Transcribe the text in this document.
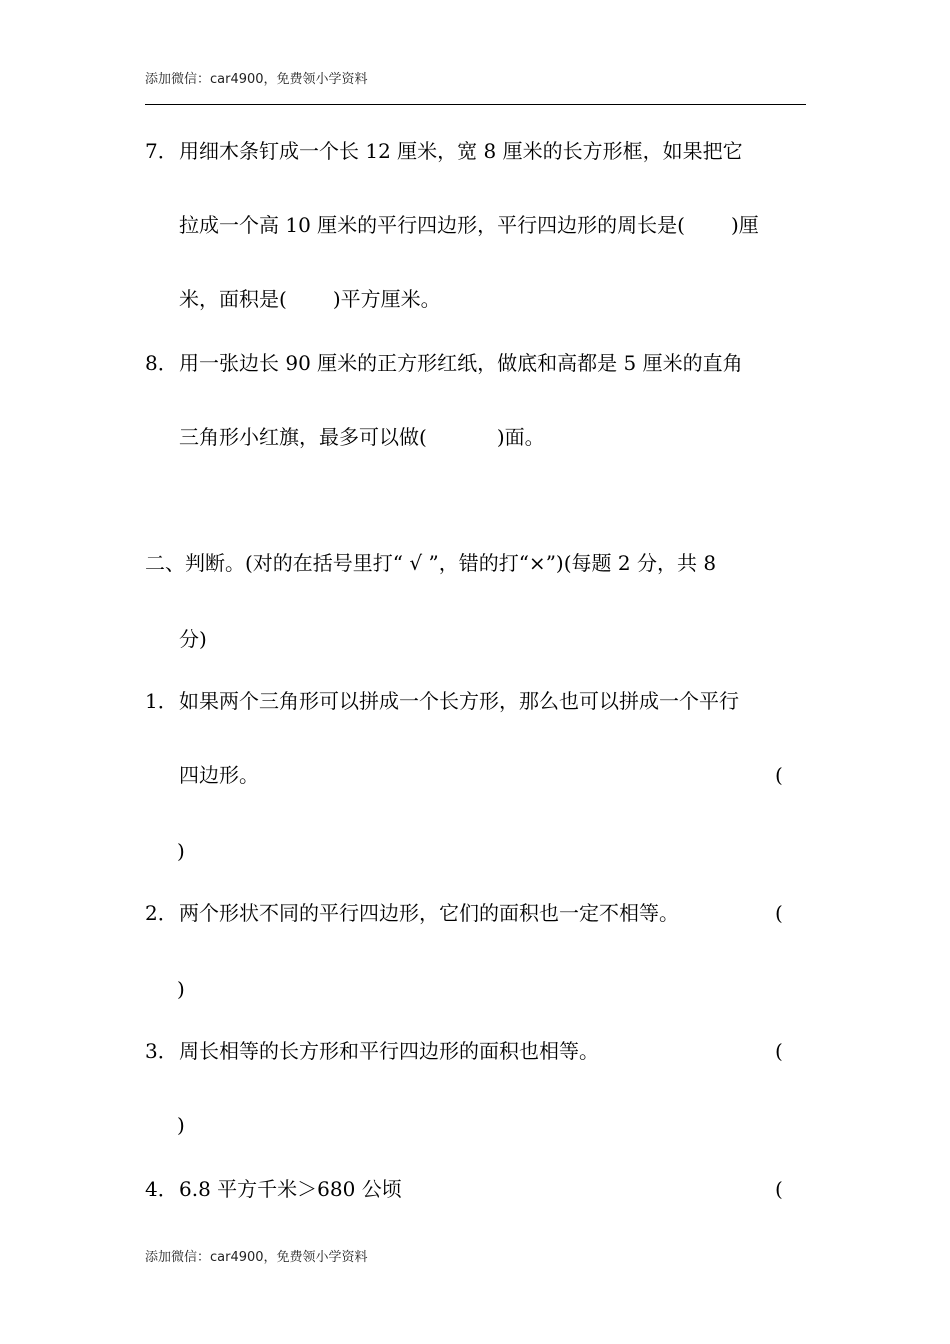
添加微信：car4900，免费领小学资料
7． 用细木条钉成一个长 12 厘米，宽 8 厘米的长方形框，如果把它
拉成一个高 10 厘米的平行四边形，平行四边形的周长是( )厘
米，面积是( )平方厘米。
8． 用一张边长 90 厘米的正方形红纸，做底和高都是 5 厘米的直角
三角形小红旗，最多可以做(	)面。
二、判断。(对的在括号里打“ √ ”，错的打“×”)(每题 2 分，共 8
分)
1． 如果两个三角形可以拼成一个长方形，那么也可以拼成一个平行
四边形。	(
)
2． 两个形状不同的平行四边形，它们的面积也一定不相等。	(
)
3． 周长相等的长方形和平行四边形的面积也相等。	(
)
4． 6.8 平方千米＞680 公顷	(
添加微信：car4900，免费领小学资料
